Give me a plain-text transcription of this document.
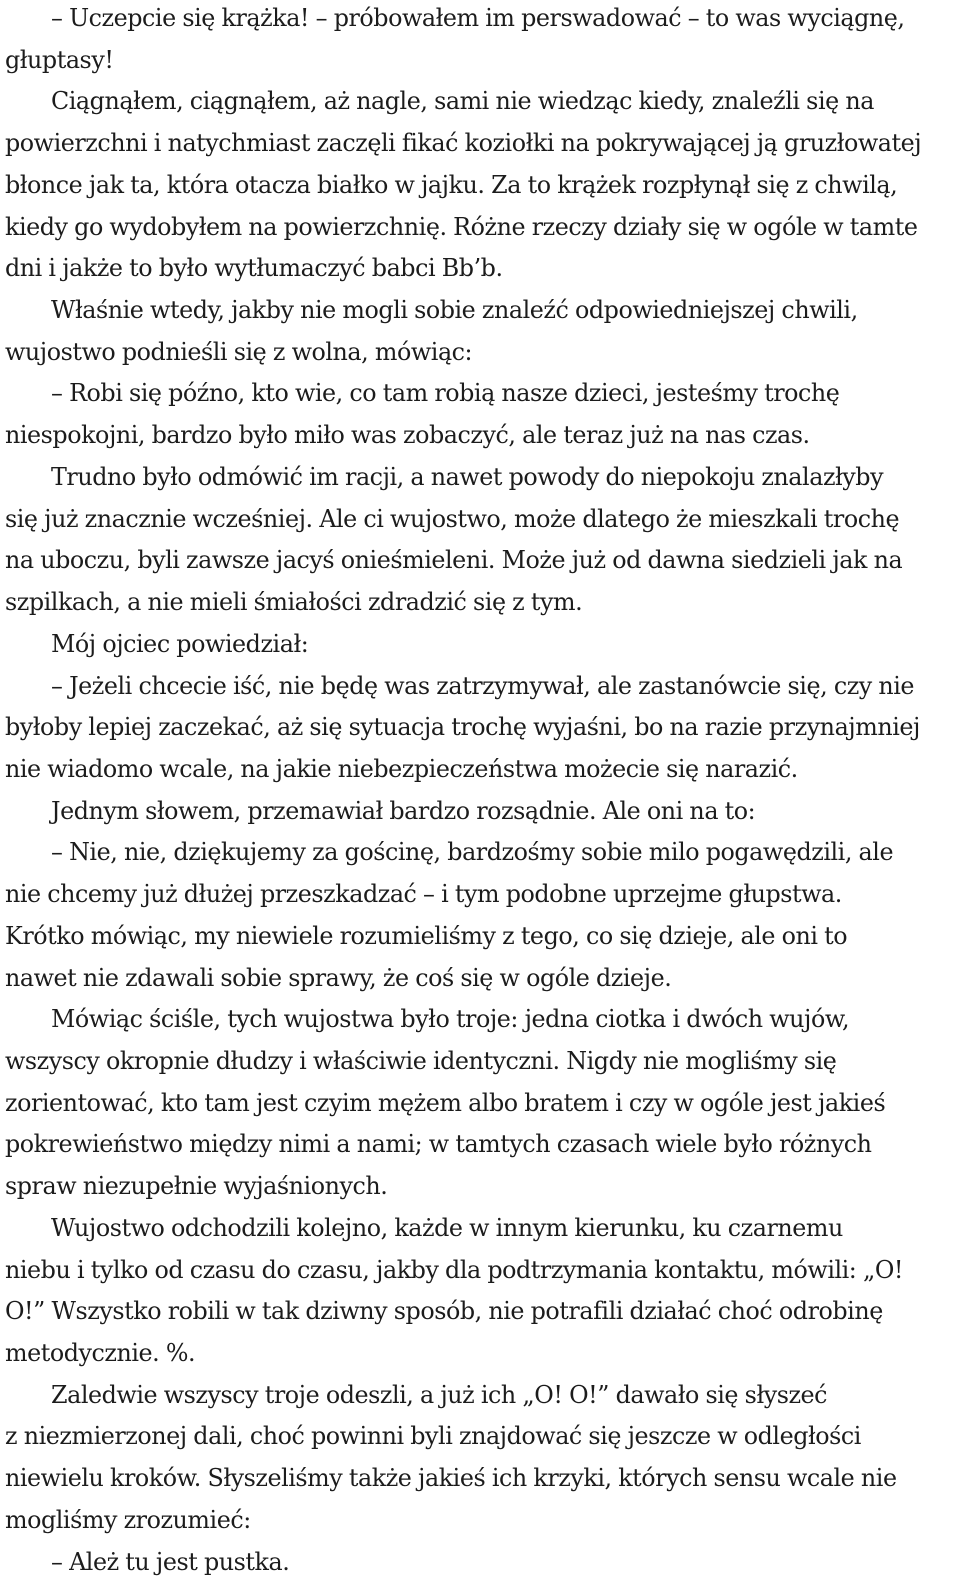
– Uczepcie się krążka! – próbowałem im perswadować – to was wyciągnę,
głuptasy!
Ciągnąłem, ciągnąłem, aż nagle, sami nie wiedząc kiedy, znaleźli się na
powierzchni i natychmiast zaczęli fikać koziołki na pokrywającej ją gruzłowatej
błonce jak ta, która otacza białko w jajku. Za to krążek rozpłynął się z chwilą,
kiedy go wydobyłem na powierzchnię. Różne rzeczy działy się w ogóle w tamte
dni i jakże to było wytłumaczyć babci Bb’b.
Właśnie wtedy, jakby nie mogli sobie znaleźć odpowiedniejszej chwili,
wujostwo podnieśli się z wolna, mówiąc:
– Robi się późno, kto wie, co tam robią nasze dzieci, jesteśmy trochę
niespokojni, bardzo było miło was zobaczyć, ale teraz już na nas czas.
Trudno było odmówić im racji, a nawet powody do niepokoju znalazłyby
się już znacznie wcześniej. Ale ci wujostwo, może dlatego że mieszkali trochę
na uboczu, byli zawsze jacyś onieśmieleni. Może już od dawna siedzieli jak na
szpilkach, a nie mieli śmiałości zdradzić się z tym.
Mój ojciec powiedział:
– Jeżeli chcecie iść, nie będę was zatrzymywał, ale zastanówcie się, czy nie
byłoby lepiej zaczekać, aż się sytuacja trochę wyjaśni, bo na razie przynajmniej
nie wiadomo wcale, na jakie niebezpieczeństwa możecie się narazić.
Jednym słowem, przemawiał bardzo rozsądnie. Ale oni na to:
– Nie, nie, dziękujemy za gościnę, bardzośmy sobie milo pogawędzili, ale
nie chcemy już dłużej przeszkadzać – i tym podobne uprzejme głupstwa.
Krótko mówiąc, my niewiele rozumieliśmy z tego, co się dzieje, ale oni to
nawet nie zdawali sobie sprawy, że coś się w ogóle dzieje.
Mówiąc ściśle, tych wujostwa było troje: jedna ciotka i dwóch wujów,
wszyscy okropnie dłudzy i właściwie identyczni. Nigdy nie mogliśmy się
zorientować, kto tam jest czyim mężem albo bratem i czy w ogóle jest jakieś
pokrewieństwo między nimi a nami; w tamtych czasach wiele było różnych
spraw niezupełnie wyjaśnionych.
Wujostwo odchodzili kolejno, każde w innym kierunku, ku czarnemu
niebu i tylko od czasu do czasu, jakby dla podtrzymania kontaktu, mówili: „O!
O!” Wszystko robili w tak dziwny sposób, nie potrafili działać choć odrobinę
metodycznie. %.
Zaledwie wszyscy troje odeszli, a już ich „O! O!” dawało się słyszeć
z niezmierzonej dali, choć powinni byli znajdować się jeszcze w odległości
niewielu kroków. Słyszeliśmy także jakieś ich krzyki, których sensu wcale nie
mogliśmy zrozumieć:
– Ależ tu jest pustka.
